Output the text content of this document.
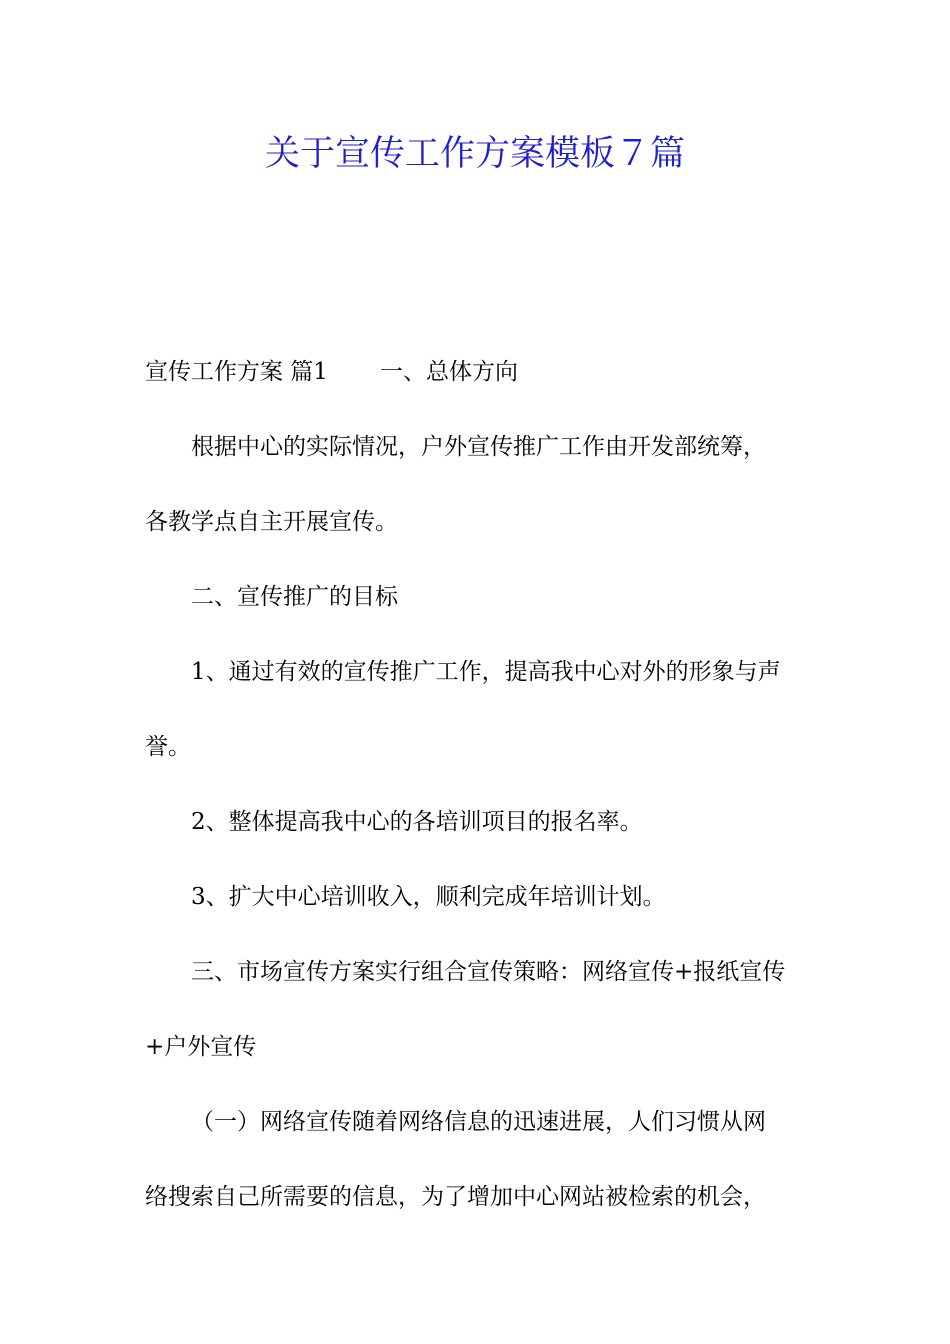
关于宣传工作方案模板７篇
宣传工作方案 篇1 一、总体方向
根据中心的实际情况，户外宣传推广工作由开发部统筹，
各教学点自主开展宣传。
二、宣传推广的目标
1、通过有效的宣传推广工作，提高我中心对外的形象与声
誉。
2、整体提高我中心的各培训项目的报名率。
3、扩大中心培训收入，顺利完成年培训计划。
三、市场宣传方案实行组合宣传策略：网络宣传+报纸宣传
+户外宣传
（一）网络宣传随着网络信息的迅速进展，人们习惯从网
络搜索自己所需要的信息，为了增加中心网站被检索的机会，
